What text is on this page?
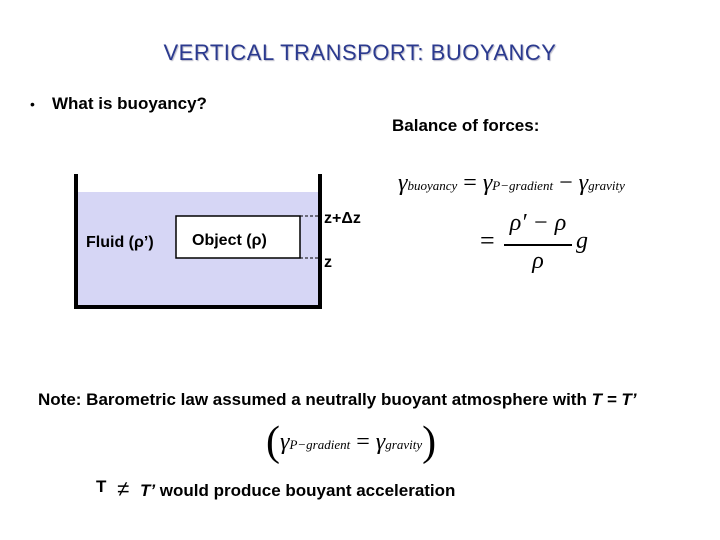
VERTICAL TRANSPORT: BUOYANCY
• What is buoyancy?
Balance of forces:
Fluid (ρ’) Object (ρ)
z+Δz
z
γbuoyancy = γP−gradient − γgravity
=
ρ′ − ρ
ρ
g
Note: Barometric law assumed a neutrally buoyant atmosphere with T = T’
(γP−gradient = γgravity)
T ≠ T’ would produce bouyant acceleration
